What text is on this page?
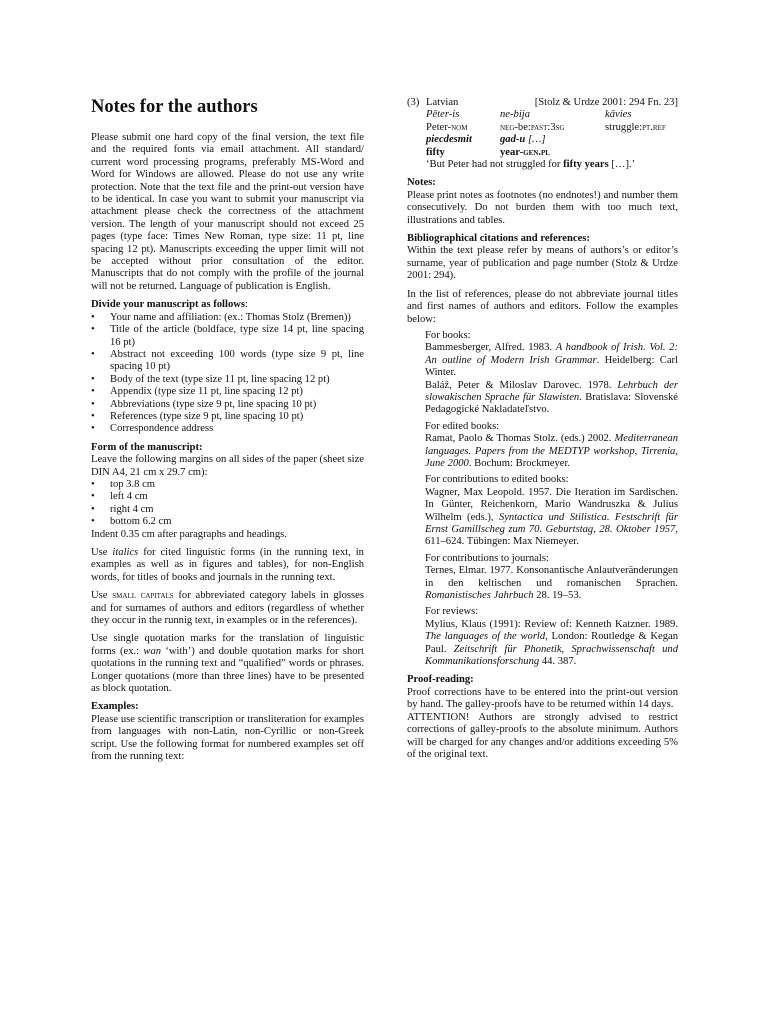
Notes for the authors

Please submit one hard copy of the final version, the text file and the required fonts via email attachment. All standard/ current word processing programs, preferably MS-Word and Word for Windows are allowed. Please do not use any write protection. Note that the text file and the print-out version have to be identical. In case you want to submit your manuscript via attachment please check the correctness of the attachment version. The length of your manuscript should not exceed 25 pages (type face: Times New Roman, type size: 11 pt, line spacing 12 pt). Manuscripts exceeding the upper limit will not be accepted without prior consultation of the editor. Manuscripts that do not comply with the profile of the journal will not be returned. Language of publication is English.

Divide your manuscript as follows:
• Your name and affiliation: (ex.: Thomas Stolz (Bremen))
• Title of the article (boldface, type size 14 pt, line spacing 16 pt)
• Abstract not exceeding 100 words (type size 9 pt, line spacing 10 pt)
• Body of the text (type size 11 pt, line spacing 12 pt)
• Appendix (type size 11 pt, line spacing 12 pt)
• Abbreviations (type size 9 pt, line spacing 10 pt)
• References (type size 9 pt, line spacing 10 pt)
• Correspondence address
Form of the manuscript:

Leave the following margins on all sides of the paper (sheet size DIN A4, 21 cm x 29.7 cm):

• top 3.8 cm
• left 4 cm
• right 4 cm
• bottom 6.2 cm

Indent 0.35 cm after paragraphs and headings.

Use italics for cited linguistic forms (in the running text, in examples as well as in figures and tables), for non-English words, for titles of books and journals in the running text.

Use small capitals for abbreviated category labels in glosses and for surnames of authors and editors (regardless of whether they occur in the runnig text, in examples or in the references).

Use single quotation marks for the translation of linguistic forms (ex.: wan ‘with’) and double quotation marks for short quotations in the running text and “qualified” words or phrases. Longer quotations (more than three lines) have to be presented as block quotation.

Examples:

Please use scientific transcription or transliteration for examples from languages with non-Latin, non-Cyrillic or non-Greek script. Use the following format for numbered examples set off from the running text:

(3) Latvian	[Stolz & Urdze 2001: 294 Fn. 23]
Pēter-is	ne-bija	kāvies
Peter-nom	neg-be:past:3sg	struggle:pt.ref
piecdesmit	gad-u […]
fifty	year-gen.pl
‘But Peter had not struggled for fifty years […].’
Notes:

Please print notes as footnotes (no endnotes!) and number them consecutively. Do not burden them with too much text, illustrations and tables.

Bibliographical citations and references:

Within the text please refer by means of authors’s or editor’s surname, year of publication and page number (Stolz & Urdze 2001: 294).

In the list of references, please do not abbreviate journal titles and first names of authors and editors. Follow the examples below:

For books:
Bammesberger, Alfred. 1983. A handbook of Irish. Vol. 2: An outline of Modern Irish Grammar. Heidelberg: Carl Winter.
Baláž, Peter & Miloslav Darovec. 1978. Lehrbuch der slowakischen Sprache für Slawisten. Bratislava: Slovenské Pedagogické Nakladateľstvo.
For edited books:
Ramat, Paolo & Thomas Stolz. (eds.) 2002. Mediterranean languages. Papers from the MEDTYP workshop, Tirrenia, June 2000. Bochum: Brockmeyer.
For contributions to edited books:
Wagner, Max Leopold. 1957. Die Iteration im Sardischen. In Günter, Reichenkorn, Mario Wandruszka & Julius Wilhelm (eds.), Syntactica und Stilistica. Festschrift für Ernst Gamillscheg zum 70. Geburtstag, 28. Oktober 1957, 611–624. Tübingen: Max Niemeyer.
For contributions to journals:
Ternes, Elmar. 1977. Konsonantische Anlautveränderungen in den keltischen und romanischen Sprachen. Romanistisches Jahrbuch 28. 19–53.
For reviews:
Mylius, Klaus (1991): Review of: Kenneth Katzner. 1989. The languages of the world, London: Routledge & Kegan Paul. Zeitschrift für Phonetik, Sprachwissenschaft und Kommunikationsforschung 44. 387.
Proof-reading:

Proof corrections have to be entered into the print-out version by hand. The galley-proofs have to be returned within 14 days.

ATTENTION! Authors are strongly advised to restrict corrections of galley-proofs to the absolute minimum. Authors will be charged for any changes and/or additions exceeding 5% of the original text.
